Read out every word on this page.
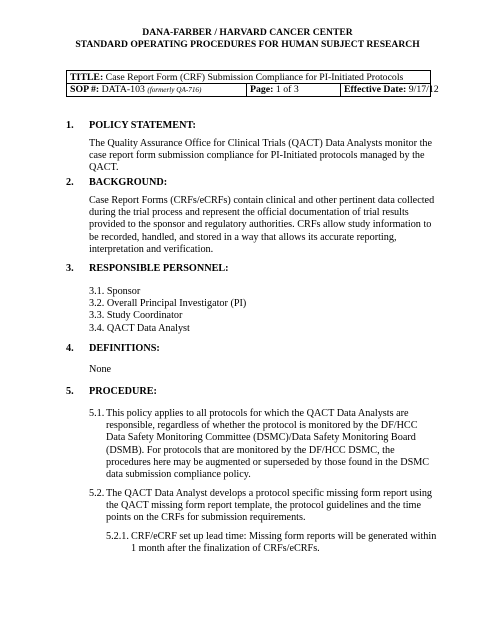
DANA-FARBER / HARVARD CANCER CENTER
STANDARD OPERATING PROCEDURES FOR HUMAN SUBJECT RESEARCH
TITLE: Case Report Form (CRF) Submission Compliance for PI-Initiated Protocols
SOP #: DATA-103 (formerly QA-716)	Page: 1 of 3	Effective Date: 9/17/12
1. POLICY STATEMENT:
The Quality Assurance Office for Clinical Trials (QACT) Data Analysts monitor the
case report form submission compliance for PI-Initiated protocols managed by the
QACT.
2. BACKGROUND:
Case Report Forms (CRFs/eCRFs) contain clinical and other pertinent data collected
during the trial process and represent the official documentation of trial results
provided to the sponsor and regulatory authorities. CRFs allow study information to
be recorded, handled, and stored in a way that allows its accurate reporting,
interpretation and verification.
3. RESPONSIBLE PERSONNEL:
3.1. Sponsor
3.2. Overall Principal Investigator (PI)
3.3. Study Coordinator
3.4. QACT Data Analyst
4. DEFINITIONS:
None
5. PROCEDURE:
5.1. This policy applies to all protocols for which the QACT Data Analysts are
responsible, regardless of whether the protocol is monitored by the DF/HCC
Data Safety Monitoring Committee (DSMC)/Data Safety Monitoring Board
(DSMB). For protocols that are monitored by the DF/HCC DSMC, the
procedures here may be augmented or superseded by those found in the DSMC
data submission compliance policy.
5.2. The QACT Data Analyst develops a protocol specific missing form report using
the QACT missing form report template, the protocol guidelines and the time
points on the CRFs for submission requirements.
5.2.1. CRF/eCRF set up lead time: Missing form reports will be generated within
1 month after the finalization of CRFs/eCRFs.
